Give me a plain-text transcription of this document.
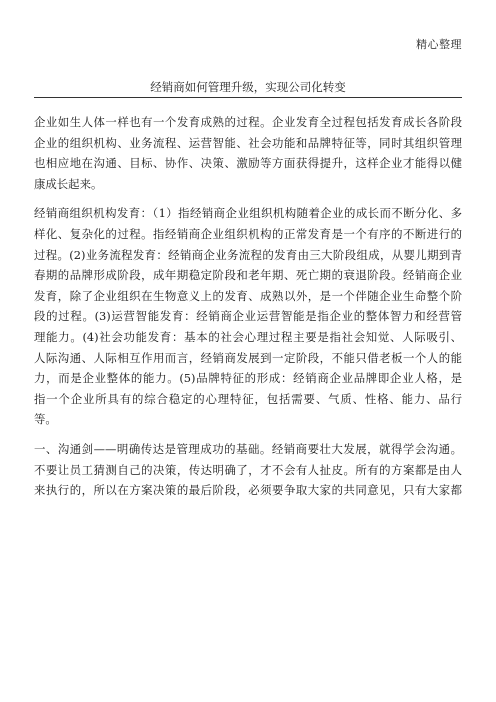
精心整理
经销商如何管理升级，实现公司化转变
企业如生人体一样也有一个发育成熟的过程。企业发育全过程包括发育成长各阶段
企业的组织机构、业务流程、运营智能、社会功能和品牌特征等，同时其组织管理
也相应地在沟通、目标、协作、决策、激励等方面获得提升，这样企业才能得以健
康成长起来。
经销商组织机构发育：（1）指经销商企业组织机构随着企业的成长而不断分化、多
样化、复杂化的过程。指经销商企业组织机构的正常发育是一个有序的不断进行的
过程。(2)业务流程发育：经销商企业务流程的发育由三大阶段组成，从婴儿期到青
春期的品牌形成阶段，成年期稳定阶段和老年期、死亡期的衰退阶段。经销商企业
发育，除了企业组织在生物意义上的发育、成熟以外，是一个伴随企业生命整个阶
段的过程。(3)运营智能发育：经销商企业运营智能是指企业的整体智力和经营管
理能力。(4)社会功能发育：基本的社会心理过程主要是指社会知觉、人际吸引、
人际沟通、人际相互作用而言，经销商发展到一定阶段，不能只借老板一个人的能
力，而是企业整体的能力。(5)品牌特征的形成：经销商企业品牌即企业人格，是
指一个企业所具有的综合稳定的心理特征，包括需要、气质、性格、能力、品行
等。
一、沟通剑——明确传达是管理成功的基础。经销商要壮大发展，就得学会沟通。
不要让员工猜测自己的决策，传达明确了，才不会有人扯皮。所有的方案都是由人
来执行的，所以在方案决策的最后阶段，必须要争取大家的共同意见，只有大家都
